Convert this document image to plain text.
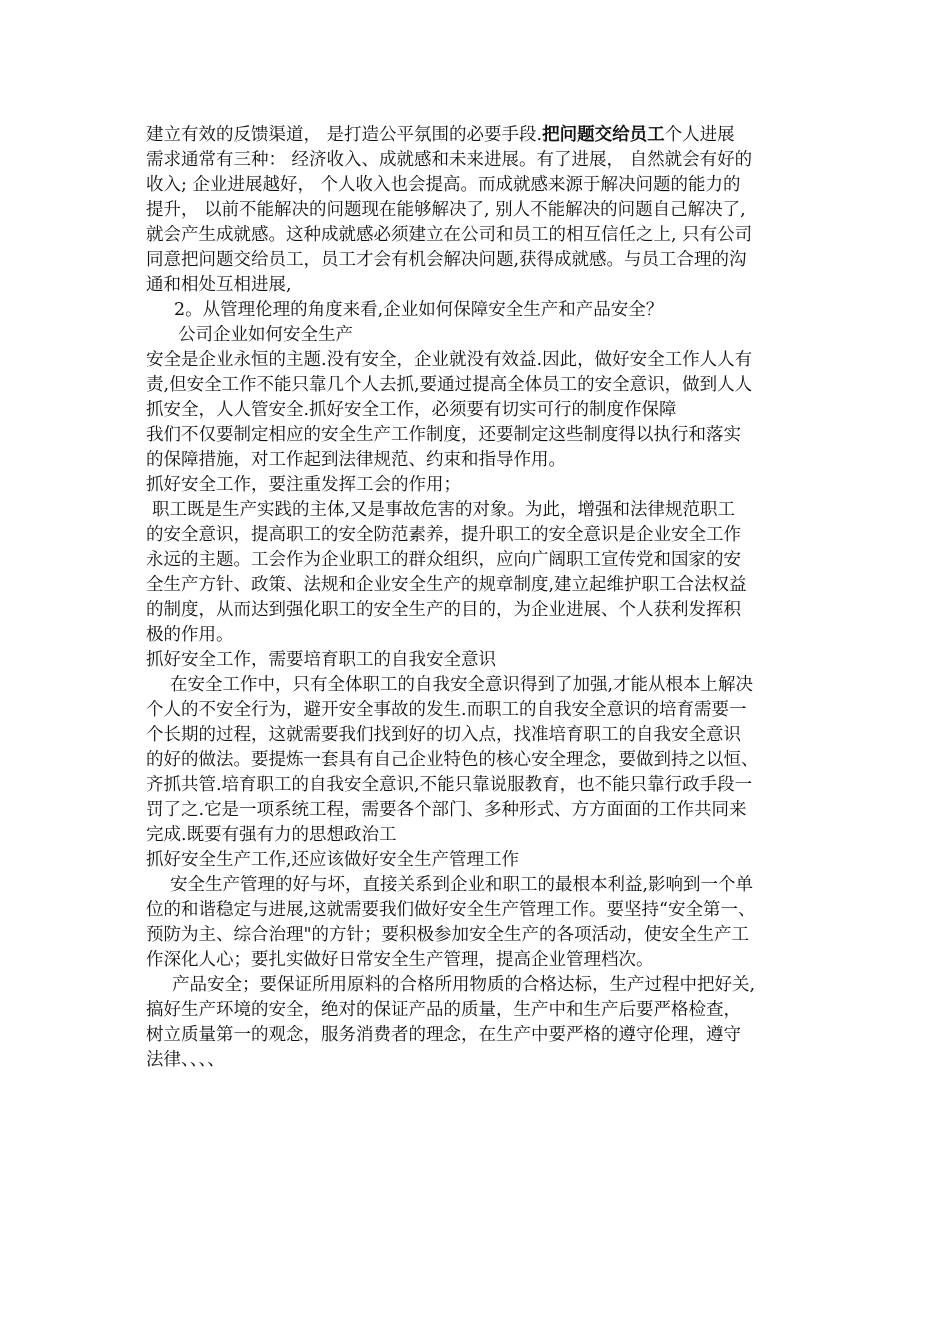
建立有效的反馈渠道， 是打造公平氛围的必要手段.把问题交给员工个人进展
需求通常有三种： 经济收入、成就感和未来进展。有了进展， 自然就会有好的
收入; 企业进展越好， 个人收入也会提高。而成就感来源于解决问题的能力的
提升， 以前不能解决的问题现在能够解决了, 别人不能解决的问题自己解决了,
就会产生成就感。这种成就感必须建立在公司和员工的相互信任之上, 只有公司
同意把问题交给员工，员工才会有机会解决问题,获得成就感。与员工合理的沟
通和相处互相进展,
2。从管理伦理的角度来看,企业如何保障安全生产和产品安全？
公司企业如何安全生产
安全是企业永恒的主题.没有安全，企业就没有效益.因此，做好安全工作人人有
责,但安全工作不能只靠几个人去抓,要通过提高全体员工的安全意识，做到人人
抓安全，人人管安全.抓好安全工作，必须要有切实可行的制度作保障
我们不仅要制定相应的安全生产工作制度，还要制定这些制度得以执行和落实
的保障措施，对工作起到法律规范、约束和指导作用。
抓好安全工作，要注重发挥工会的作用；
职工既是生产实践的主体,又是事故危害的对象。为此，增强和法律规范职工
的安全意识，提高职工的安全防范素养，提升职工的安全意识是企业安全工作
永远的主题。工会作为企业职工的群众组织，应向广阔职工宣传党和国家的安
全生产方针、政策、法规和企业安全生产的规章制度,建立起维护职工合法权益
的制度，从而达到强化职工的安全生产的目的，为企业进展、个人获利发挥积
极的作用。
抓好安全工作，需要培育职工的自我安全意识
在安全工作中，只有全体职工的自我安全意识得到了加强,才能从根本上解决
个人的不安全行为，避开安全事故的发生.而职工的自我安全意识的培育需要一
个长期的过程，这就需要我们找到好的切入点，找准培育职工的自我安全意识
的好的做法。要提炼一套具有自己企业特色的核心安全理念，要做到持之以恒、
齐抓共管.培育职工的自我安全意识,不能只靠说服教育，也不能只靠行政手段一
罚了之.它是一项系统工程，需要各个部门、多种形式、方方面面的工作共同来
完成.既要有强有力的思想政治工
抓好安全生产工作,还应该做好安全生产管理工作
安全生产管理的好与坏，直接关系到企业和职工的最根本利益,影响到一个单
位的和谐稳定与进展,这就需要我们做好安全生产管理工作。要坚持“安全第一、
预防为主、综合治理"的方针；要积极参加安全生产的各项活动，使安全生产工
作深化人心；要扎实做好日常安全生产管理，提高企业管理档次。
产品安全；要保证所用原料的合格所用物质的合格达标，生产过程中把好关,
搞好生产环境的安全，绝对的保证产品的质量，生产中和生产后要严格检查，
树立质量第一的观念，服务消费者的理念，在生产中要严格的遵守伦理，遵守
法律、、、、
